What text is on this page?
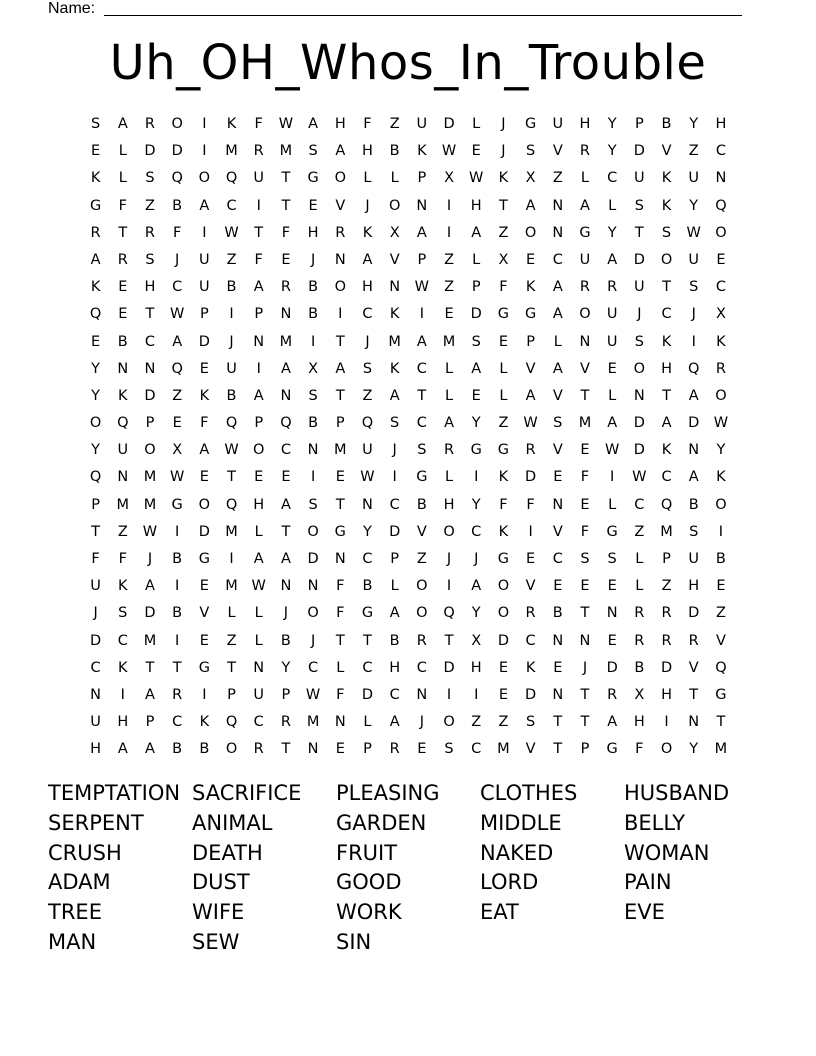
Name:
Uh_OH_Whos_In_Trouble
S	A	R	O	I	K	F	W	A	H	F	Z	U	D	L	J	G	U	H	Y	P	B	Y	H
E	L	D	D	I	M	R	M	S	A	H	B	K	W	E	J	S	V	R	Y	D	V	Z	C
K	L	S	Q	O	Q	U	T	G	O	L	L	P	X	W	K	X	Z	L	C	U	K	U	N
G	F	Z	B	A	C	I	T	E	V	J	O	N	I	H	T	A	N	A	L	S	K	Y	Q
R	T	R	F	I	W	T	F	H	R	K	X	A	I	A	Z	O	N	G	Y	T	S	W O
A	R	S	J	U	Z	F	E	J	N	A	V	P	Z	L	X	E	C	U	A	D	O	U	E
K	E	H	C	U	B	A	R	B	O	H	N	W	Z	P	F	K	A	R	R	U	T	S	C
Q	E	T	W	P	I	P	N	B	I	C	K	I	E	D	G	G	A	O	U	J	C	J	X
E	B	C	A	D	J	N	M	I	T	J	M	A	M	S	E	P	L	N	U	S	K	I	K
Y	N	N	Q	E	U	I	A	X	A	S	K	C	L	A	L	V	A	V	E	O	H	Q	R
Y	K	D	Z	K	B	A	N	S	T	Z	A	T	L	E	L	A	V	T	L	N	T	A	O
O	Q	P	E	F	Q	P	Q	B	P	Q	S	C	A	Y	Z	W	S	M	A	D	A	D W
Y	U	O	X	A	W O	C	N	M	U	J	S	R	G	G	R	V	E	W D	K	N	Y
Q	N	M W	E	T	E	E	I	E	W	I	G	L	I	K	D	E	F	I	W	C	A	K
P	M	M	G	O	Q	H	A	S	T	N	C	B	H	Y	F	F	N	E	L	C	Q	B	O
T	Z	W	I	D	M	L	T	O	G	Y	D	V	O	C	K	I	V	F	G	Z	M	S	I
F	F	J	B	G	I	A	A	D	N	C	P	Z	J	J	G	E	C	S	S	L	P	U	B
U	K	A	I	E	M W	N	N	F	B	L	O	I	A	O	V	E	E	E	L	Z	H	E
J	S	D	B	V	L	L	J	O	F	G	A	O	Q	Y	O	R	B	T	N	R	R	D	Z
D	C	M	I	E	Z	L	B	J	T	T	B	R	T	X	D	C	N	N	E	R	R	R	V
C	K	T	T	G	T	N	Y	C	L	C	H	C	D	H	E	K	E	J	D	B	D	V	Q
N	I	A	R	I	P	U	P	W	F	D	C	N	I	I	E	D	N	T	R	X	H	T	G
U	H	P	C	K	Q	C	R	M	N	L	A	J	O	Z	Z	S	T	T	A	H	I	N	T
H	A	A	B	B	O	R	T	N	E	P	R	E	S	C	M	V	T	P	G	F	O	Y	M
TEMPTATION SACRIFICE	PLEASING	CLOTHES	HUSBAND
SERPENT	ANIMAL	GARDEN	MIDDLE	BELLY
CRUSH	DEATH	FRUIT	NAKED	WOMAN
ADAM	DUST	GOOD	LORD	PAIN
TREE	WIFE	WORK	EAT	EVE
MAN	SEW	SIN
